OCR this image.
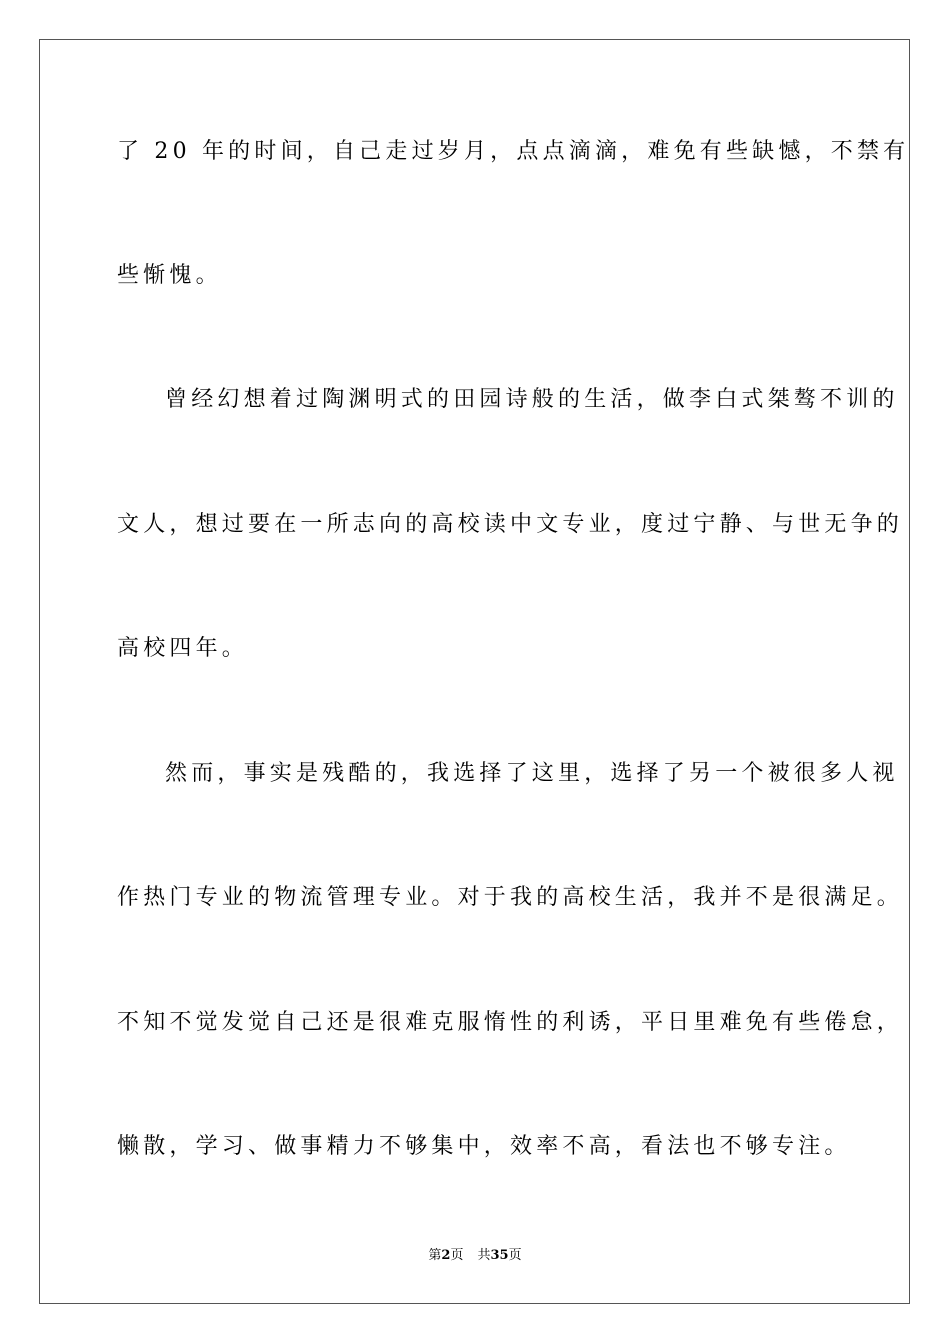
了 20 年的时间，自己走过岁月，点点滴滴，难免有些缺憾，不禁有
些惭愧。
曾经幻想着过陶渊明式的田园诗般的生活，做李白式桀骜不训的
文人，想过要在一所志向的高校读中文专业，度过宁静、与世无争的
高校四年。
然而，事实是残酷的，我选择了这里，选择了另一个被很多人视
作热门专业的物流管理专业。对于我的高校生活，我并不是很满足。
不知不觉发觉自己还是很难克服惰性的利诱，平日里难免有些倦怠，
懒散，学习、做事精力不够集中，效率不高，看法也不够专注。
第2页 共35页
